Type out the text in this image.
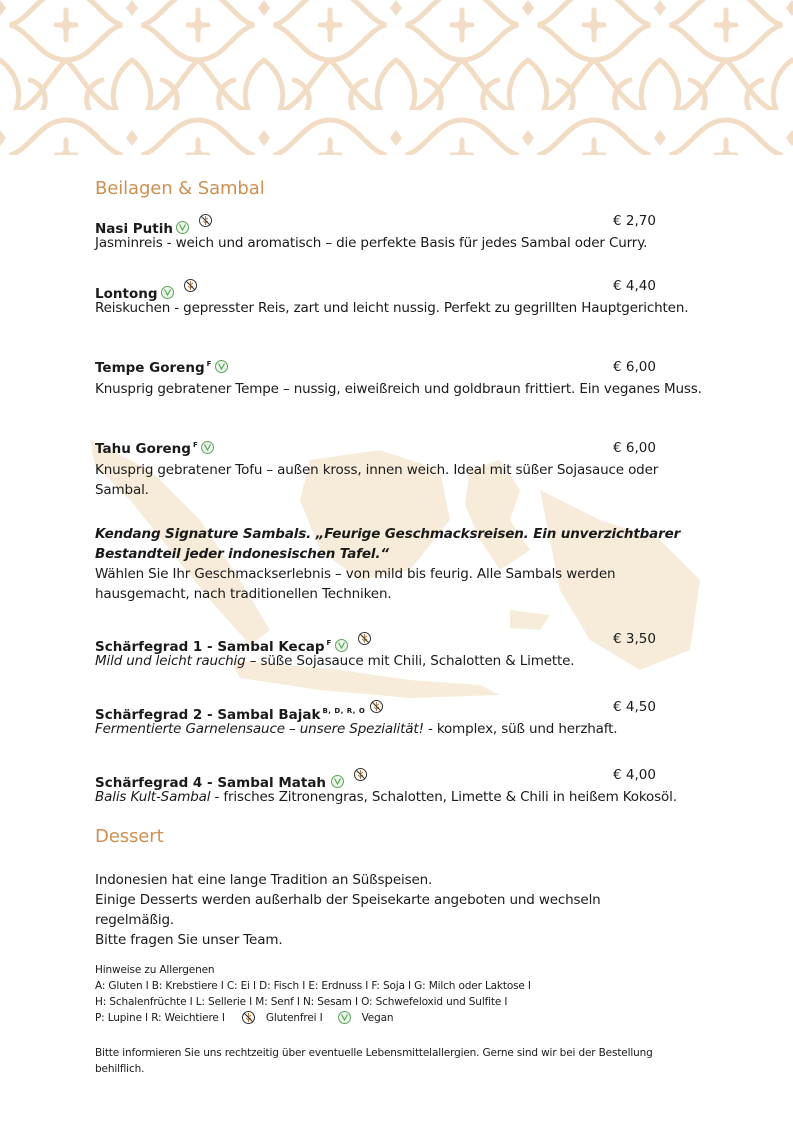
Beilagen & Sambal
Nasi Putih	€ 2,70
Jasminreis - weich und aromatisch – die perfekte Basis für jedes Sambal oder Curry.
Lontong	€ 4,40
Reiskuchen - gepresster Reis, zart und leicht nussig. Perfekt zu gegrillten Hauptgerichten.
Tempe Goreng $^F$	€ 6,00
Knusprig gebratener Tempe – nussig, eiweißreich und goldbraun frittiert. Ein veganes Muss.
Tahu Goreng $^F$	€ 6,00
Knusprig gebratener Tofu – außen kross, innen weich. Ideal mit süßer Sojasauce oder Sambal.
Kendang Signature Sambals. „Feurige Geschmacksreisen. Ein unverzichtbarer Bestandteil jeder indonesischen Tafel.“
Wählen Sie Ihr Geschmackserlebnis – von mild bis feurig. Alle Sambals werden hausgemacht, nach traditionellen Techniken.
Schärfegrad 1 - Sambal Kecap $^F$	€ 3,50
Mild und leicht rauchig – süße Sojasauce mit Chili, Schalotten & Limette.
Schärfegrad 2 - Sambal Bajak $^{B, D, R, O}$	€ 4,50
Fermentierte Garnelensauce – unsere Spezialität! - komplex, süß und herzhaft.
Schärfegrad 4 - Sambal Matah	€ 4,00
Balis Kult-Sambal - frisches Zitronengras, Schalotten, Limette & Chili in heißem Kokosöl.
Dessert
Indonesien hat eine lange Tradition an Süßspeisen.
Einige Desserts werden außerhalb der Speisekarte angeboten und wechseln regelmäßig.
Bitte fragen Sie unser Team.
Hinweise zu Allergenen
A: Gluten I B: Krebstiere I C: Ei I D: Fisch I E: Erdnuss I F: Soja I G: Milch oder Laktose I
H: Schalenfrüchte I L: Sellerie I M: Senf I N: Sesam I O: Schwefeloxid und Sulfite I
P: Lupine I R: Weichtiere I	Glutenfrei I	Vegan
Bitte informieren Sie uns rechtzeitig über eventuelle Lebensmittelallergien. Gerne sind wir bei der Bestellung behilflich.
